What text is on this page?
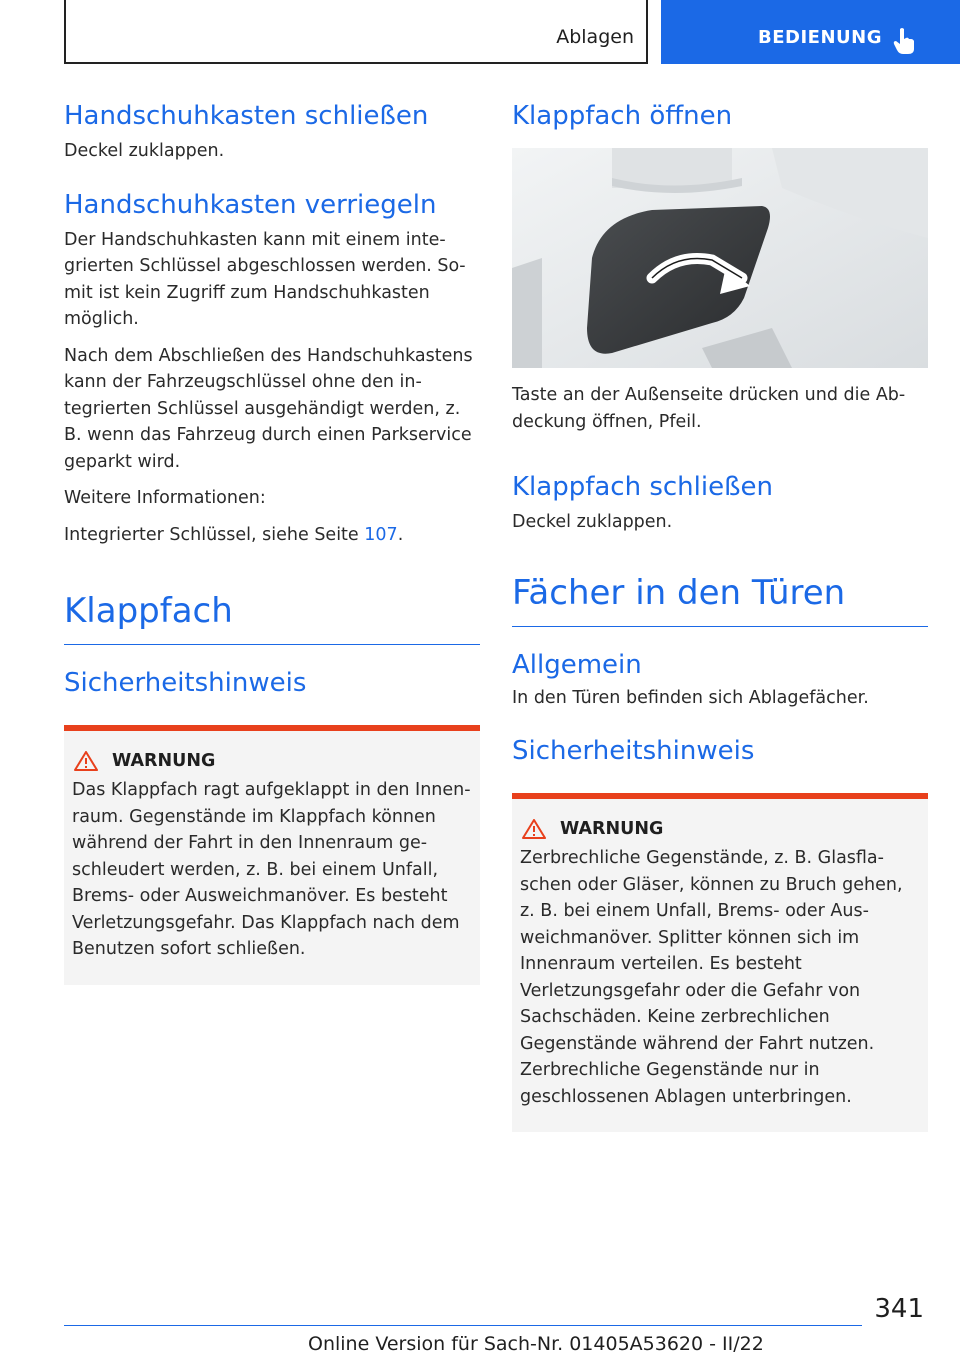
Ablagen	BEDIENUNG
Handschuhkasten schließen

Deckel zuklappen.

Handschuhkasten verriegeln

Der Handschuhkasten kann mit einem integrierten Schlüssel abgeschlossen werden. Somit ist kein Zugriff zum Handschuhkasten möglich.

Nach dem Abschließen des Handschuhkastens kann der Fahrzeugschlüssel ohne den integrierten Schlüssel ausgehändigt werden, z. B. wenn das Fahrzeug durch einen Parkservice geparkt wird.

Weitere Informationen:

Integrierter Schlüssel, siehe Seite 107.

Klappfach
Sicherheitshinweis
WARNUNG

Das Klappfach ragt aufgeklappt in den Innenraum. Gegenstände im Klappfach können während der Fahrt in den Innenraum geschleudert werden, z. B. bei einem Unfall, Brems- oder Ausweichmanöver. Es besteht Verletzungsgefahr. Das Klappfach nach dem Benutzen sofort schließen.

Klappfach öffnen

Taste an der Außenseite drücken und die Abdeckung öffnen, Pfeil.

Klappfach schließen

Deckel zuklappen.

Fächer in den Türen
Allgemein

In den Türen befinden sich Ablagefächer.

Sicherheitshinweis
WARNUNG

Zerbrechliche Gegenstände, z. B. Glasflaschen oder Gläser, können zu Bruch gehen, z. B. bei einem Unfall, Brems- oder Ausweichmanöver. Splitter können sich im Innenraum verteilen. Es besteht Verletzungsgefahr oder die Gefahr von Sachschäden. Keine zerbrechlichen Gegenstände während der Fahrt nutzen. Zerbrechliche Gegenstände nur in geschlossenen Ablagen unterbringen.

341
Online Version für Sach-Nr. 01405A53620 - II/22
